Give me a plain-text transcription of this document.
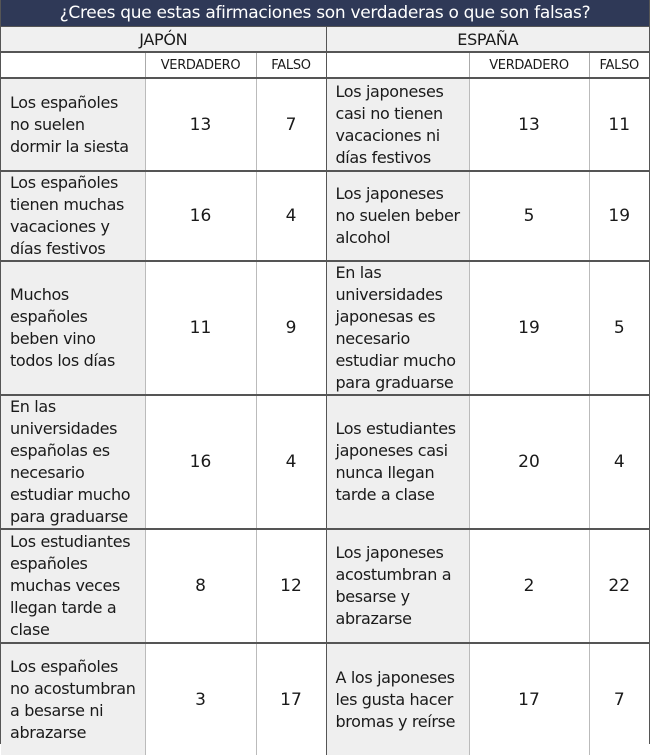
¿Crees que estas afirmaciones son verdaderas o que son falsas?
JAPÓN			ESPAÑA		
	VERDADERO	FALSO		VERDADERO	FALSO
Los españoles no suelen dormir la siesta	13	7	Los japoneses casi no tienen vacaciones ni días festivos	13	11
Los españoles tienen muchas vacaciones y días festivos	16	4	Los japoneses no suelen beber alcohol	5	19
Muchos españoles beben vino todos los días	11	9	En las universidades japonesas es necesario estudiar mucho para graduarse	19	5
En las universidades españolas es necesario estudiar mucho para graduarse	16	4	Los estudiantes japoneses casi nunca llegan tarde a clase	20	4
Los estudiantes españoles muchas veces llegan tarde a clase	8	12	Los japoneses acostumbran a besarse y abrazarse	2	22
Los españoles no acostumbran a besarse ni abrazarse	3	17	A los japoneses les gusta hacer bromas y reírse	17	7
